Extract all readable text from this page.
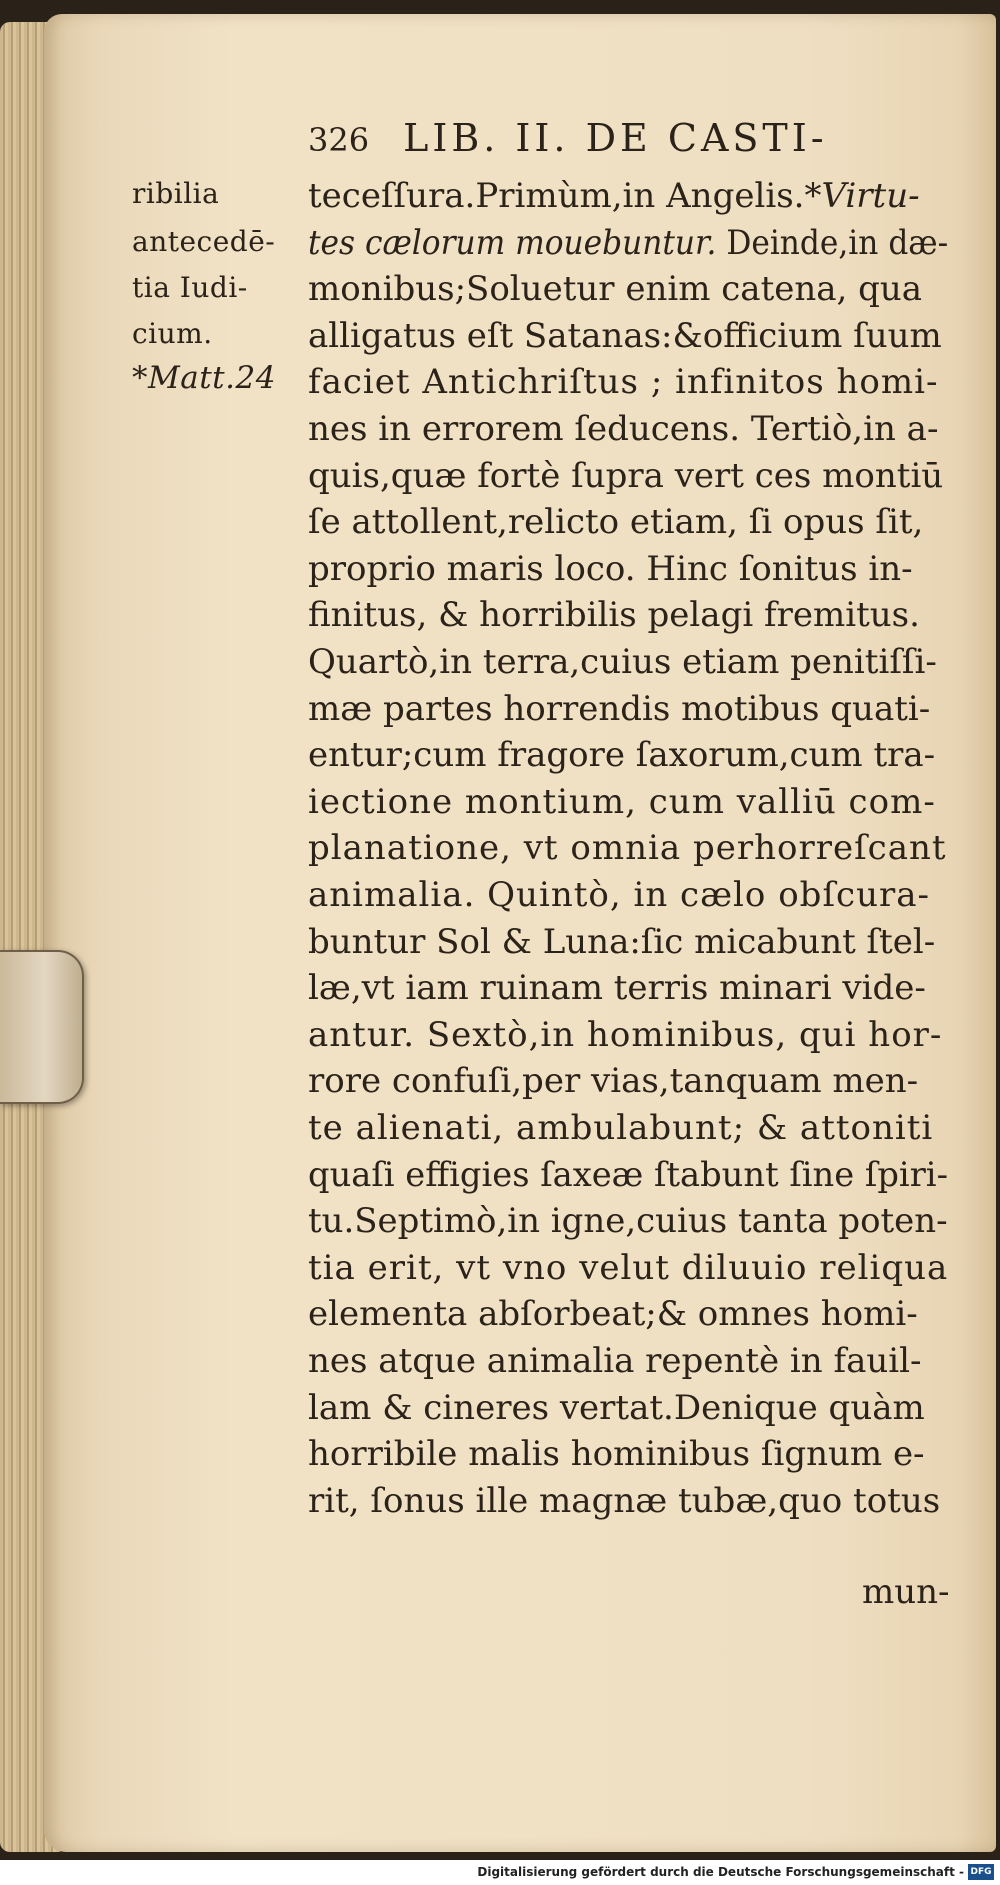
326 LIB. II. DE CASTI-
ribilia
antecedē-
tia Iudi-
cium.
*Matt.24
teceſſura.Primùm,in Angelis.*Virtu-
tes cælorum mouebuntur. Deinde,in dæ-
monibus;Soluetur enim catena, qua
alligatus eſt Satanas:&officium ſuum
faciet Antichriſtus ; infinitos homi-
nes in errorem ſeducens. Tertiò,in a-
quis,quæ fortè ſupra vert ces montiū
ſe attollent,relicto etiam, ſi opus ſit,
proprio maris loco. Hinc ſonitus in-
finitus, & horribilis pelagi fremitus.
Quartò,in terra,cuius etiam penitiſſi-
mæ partes horrendis motibus quati-
entur;cum fragore ſaxorum,cum tra-
iectione montium, cum valliū com-
planatione, vt omnia perhorreſcant
animalia. Quintò, in cælo obſcura-
buntur Sol & Luna:ſic micabunt ſtel-
læ,vt iam ruinam terris minari vide-
antur. Sextò,in hominibus, qui hor-
rore confuſi,per vias,tanquam men-
te alienati, ambulabunt; & attoniti
quaſi effigies ſaxeæ ſtabunt ſine ſpiri-
tu.Septimò,in igne,cuius tanta poten-
tia erit, vt vno velut diluuio reliqua
elementa abſorbeat;& omnes homi-
nes atque animalia repentè in fauil-
lam & cineres vertat.Denique quàm
horribile malis hominibus ſignum e-
rit, ſonus ille magnæ tubæ,quo totus
mun-
Digitalisierung gefördert durch die Deutsche Forschungsgemeinschaft - DFG
